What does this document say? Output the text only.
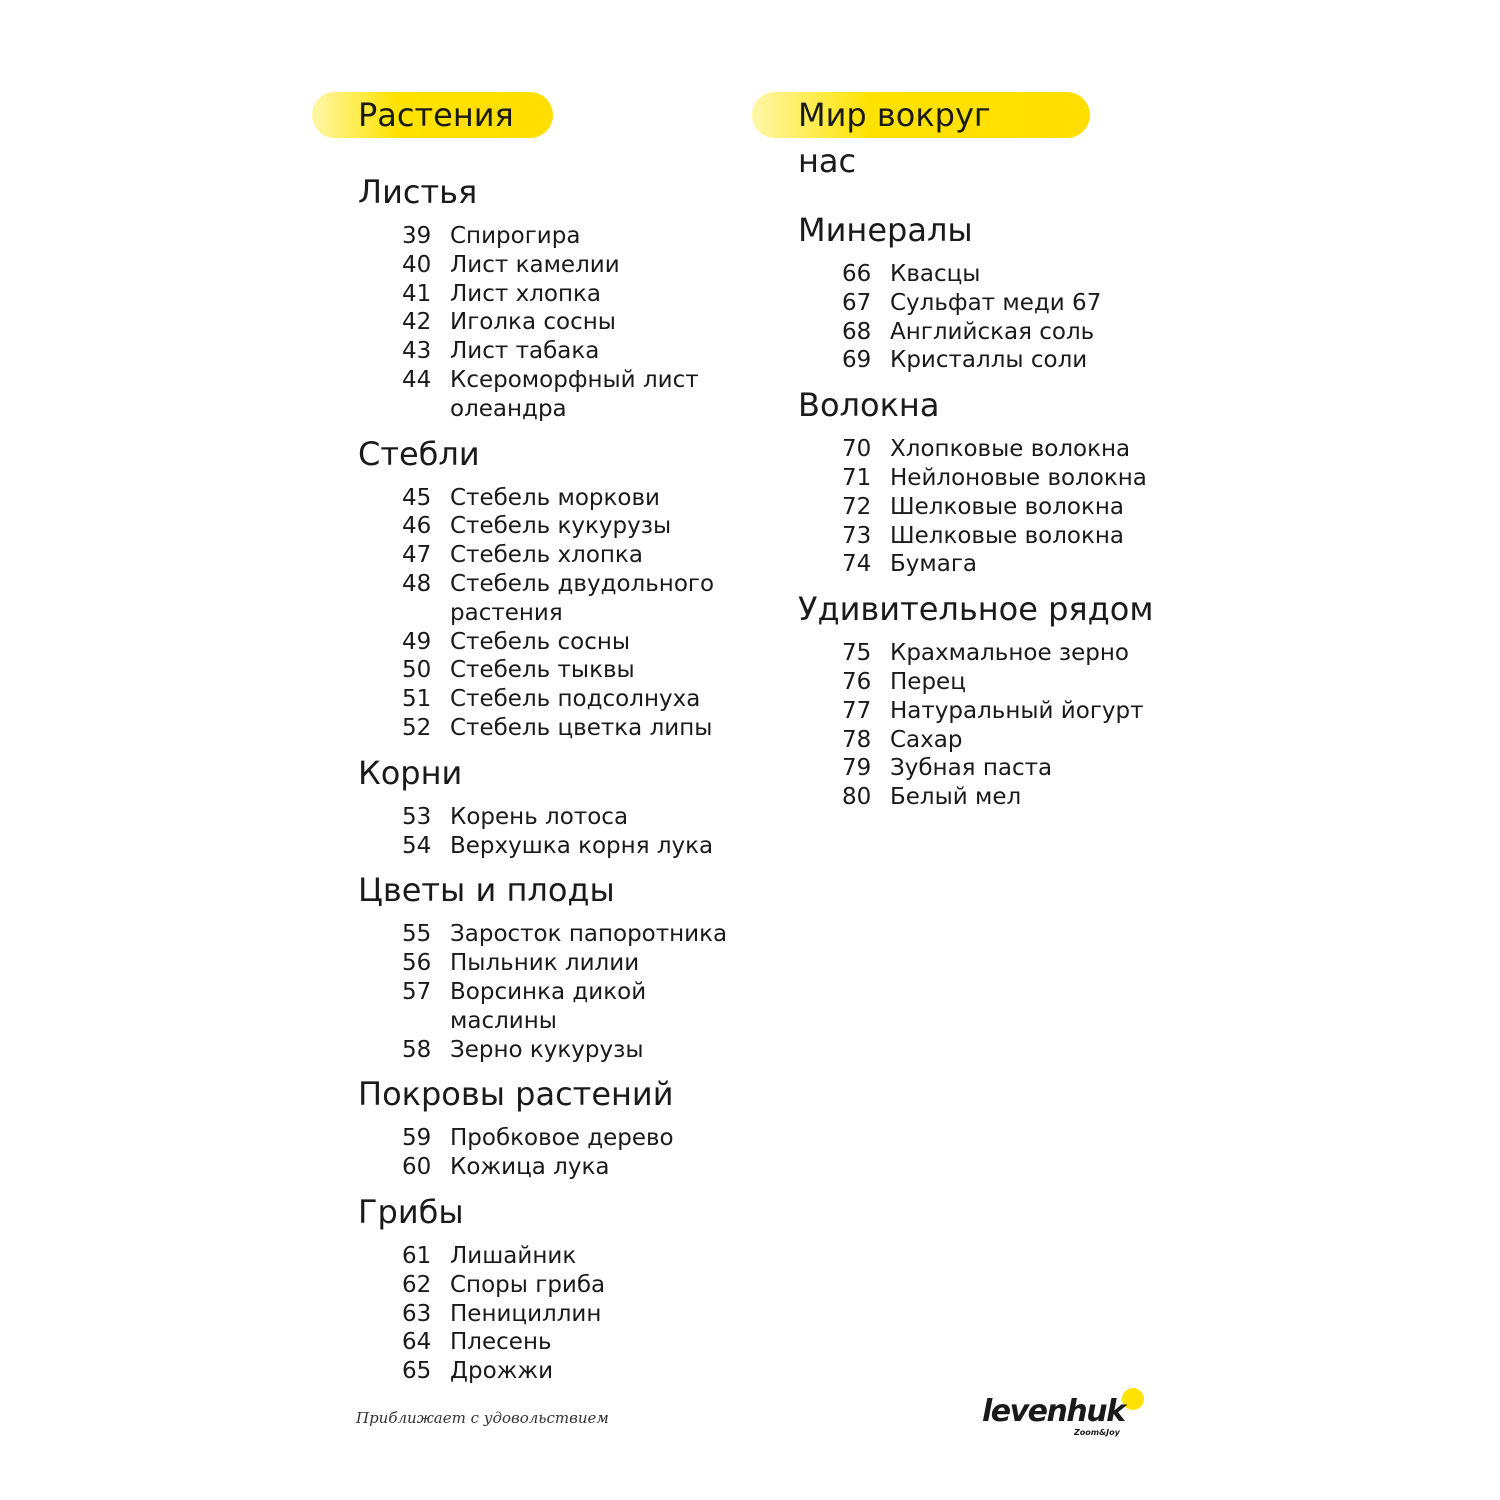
Растения
Листья
39 Спирогира
40 Лист камелии
41 Лист хлопка
42 Иголка сосны
43 Лист табака
44 Ксероморфный лист олеандра
Стебли
45 Стебель моркови
46 Стебель кукурузы
47 Стебель хлопка
48 Стебель двудольного растения
49 Стебель сосны
50 Стебель тыквы
51 Стебель подсолнуха
52 Стебель цветка липы
Корни
53 Корень лотоса
54 Верхушка корня лука
Цветы и плоды
55 Заросток папоротника
56 Пыльник лилии
57 Ворсинка дикой маслины
58 Зерно кукурузы
Покровы растений
59 Пробковое дерево
60 Кожица лука
Грибы
61 Лишайник
62 Споры гриба
63 Пенициллин
64 Плесень
65 Дрожжи
Мир вокруг нас
Минералы
66 Квасцы
67 Сульфат меди 67
68 Английская соль
69 Кристаллы соли
Волокна
70 Хлопковые волокна
71 Нейлоновые волокна
72 Шелковые волокна
73 Шелковые волокна
74 Бумага
Удивительное рядом
75 Крахмальное зерно
76 Перец
77 Натуральный йогурт
78 Сахар
79 Зубная паста
80 Белый мел
Приближает с удовольствием	levenhuk
Zoom&Joy
